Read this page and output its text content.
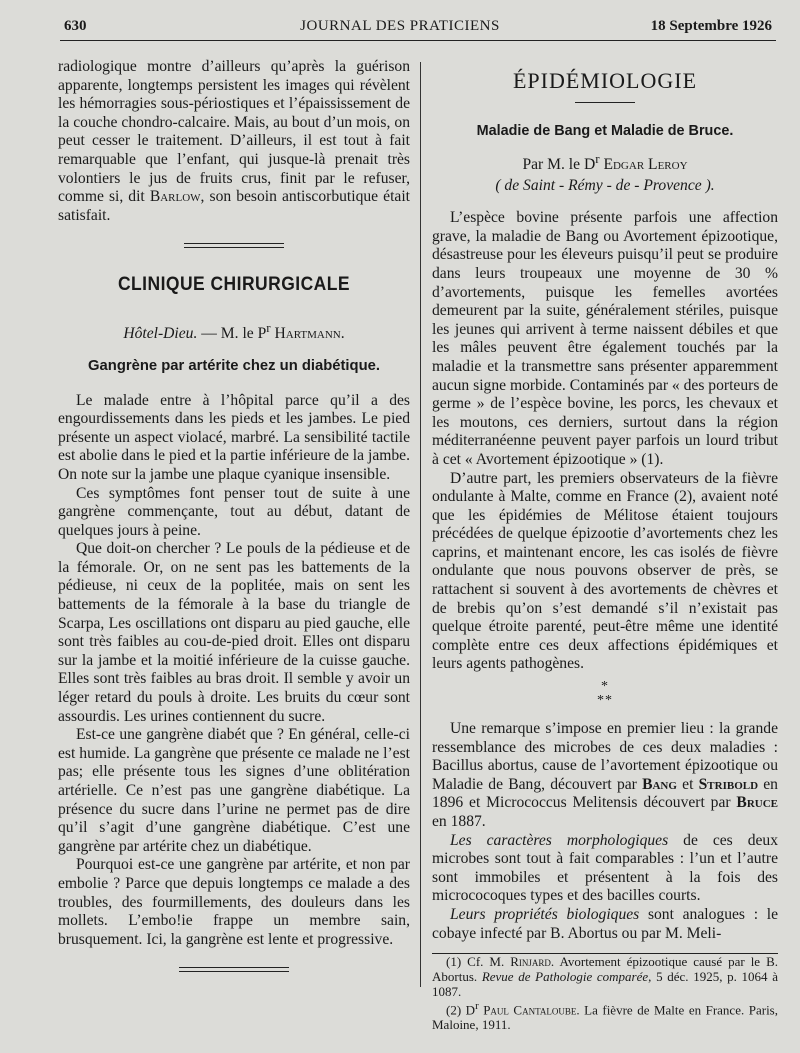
630	JOURNAL DES PRATICIENS	18 Septembre 1926

radiologique montre d’ailleurs qu’après la guérison apparente, longtemps persistent les images qui révèlent les hémorragies sous-périostiques et l’épaississement de la couche chondro-calcaire. Mais, au bout d’un mois, on peut cesser le traitement. D’ailleurs, il est tout à fait remarquable que l’enfant, qui jusque-là prenait très volontiers le jus de fruits crus, finit par le refuser, comme si, dit Barlow, son besoin antiscorbutique était satisfait.

CLINIQUE CHIRURGICALE
Hôtel-Dieu. — M. le $P^r$ Hartmann.
Gangrène par artérite chez un diabétique.

Le malade entre à l’hôpital parce qu’il a des engourdissements dans les pieds et les jambes. Le pied présente un aspect violacé, marbré. La sensibilité tactile est abolie dans le pied et la partie inférieure de la jambe. On note sur la jambe une plaque cyanique insensible.

Ces symptômes font penser tout de suite à une gangrène commençante, tout au début, datant de quelques jours à peine.

Que doit-on chercher ? Le pouls de la pédieuse et de la fémorale. Or, on ne sent pas les battements de la pédieuse, ni ceux de la poplitée, mais on sent les battements de la fémorale à la base du triangle de Scarpa, Les oscillations ont disparu au pied gauche, elle sont très faibles au cou-de-pied droit. Elles ont disparu sur la jambe et la moitié inférieure de la cuisse gauche. Elles sont très faibles au bras droit. Il semble y avoir un léger retard du pouls à droite. Les bruits du cœur sont assourdis. Les urines contiennent du sucre.

Est-ce une gangrène diabét que ? En général, celle-ci est humide. La gangrène que présente ce malade ne l’est pas; elle présente tous les signes d’une oblitération artérielle. Ce n’est pas une gangrène diabétique. La présence du sucre dans l’urine ne permet pas de dire qu’il s’agit d’une gangrène diabétique. C’est une gangrène par artérite chez un diabétique.

Pourquoi est-ce une gangrène par artérite, et non par embolie ? Parce que depuis longtemps ce malade a des troubles, des fourmillements, des douleurs dans les mollets. L’embo!ie frappe un membre sain, brusquement. Ici, la gangrène est lente et progressive.

ÉPIDÉMIOLOGIE
Maladie de Bang et Maladie de Bruce.
Par M. le $D^r$ Edgar Leroy
( de Saint - Rémy - de - Provence ).

L’espèce bovine présente parfois une affection grave, la maladie de Bang ou Avortement épizootique, désastreuse pour les éleveurs puisqu’il peut se produire dans leurs troupeaux une moyenne de 30 % d’avortements, puisque les femelles avortées demeurent par la suite, généralement stériles, puisque les jeunes qui arrivent à terme naissent débiles et que les mâles peuvent être également touchés par la maladie et la transmettre sans présenter apparemment aucun signe morbide. Contaminés par « des porteurs de germe » de l’espèce bovine, les porcs, les chevaux et les moutons, ces derniers, surtout dans la région méditerranéenne peuvent payer parfois un lourd tribut à cet « Avortement épizootique » (1).

D’autre part, les premiers observateurs de la fièvre ondulante à Malte, comme en France (2), avaient noté que les épidémies de Mélitose étaient toujours précédées de quelque épizootie d’avortements chez les caprins, et maintenant encore, les cas isolés de fièvre ondulante que nous pouvons observer de près, se rattachent si souvent à des avortements de chèvres et de brebis qu’on s’est demandé s’il n’existait pas quelque étroite parenté, peut-être même une identité complète entre ces deux affections épidémiques et leurs agents pathogènes.

*
**

Une remarque s’impose en premier lieu : la grande ressemblance des microbes de ces deux maladies : Bacillus abortus, cause de l’avortement épizootique ou Maladie de Bang, découvert par Bang et Stribold en 1896 et Micrococcus Melitensis découvert par Bruce en 1887.

Les caractères morphologiques de ces deux microbes sont tout à fait comparables : l’un et l’autre sont immobiles et présentent à la fois des micrococoques types et des bacilles courts.

Leurs propriétés biologiques sont analogues : le cobaye infecté par B. Abortus ou par M. Meli-

(1) Cf. M. Rinjard. Avortement épizootique causé par le B. Abortus. Revue de Pathologie comparée, 5 déc. 1925, p. 1064 à 1087.

(2) $D^r$ Paul Cantaloube. La fièvre de Malte en France. Paris, Maloine, 1911.
